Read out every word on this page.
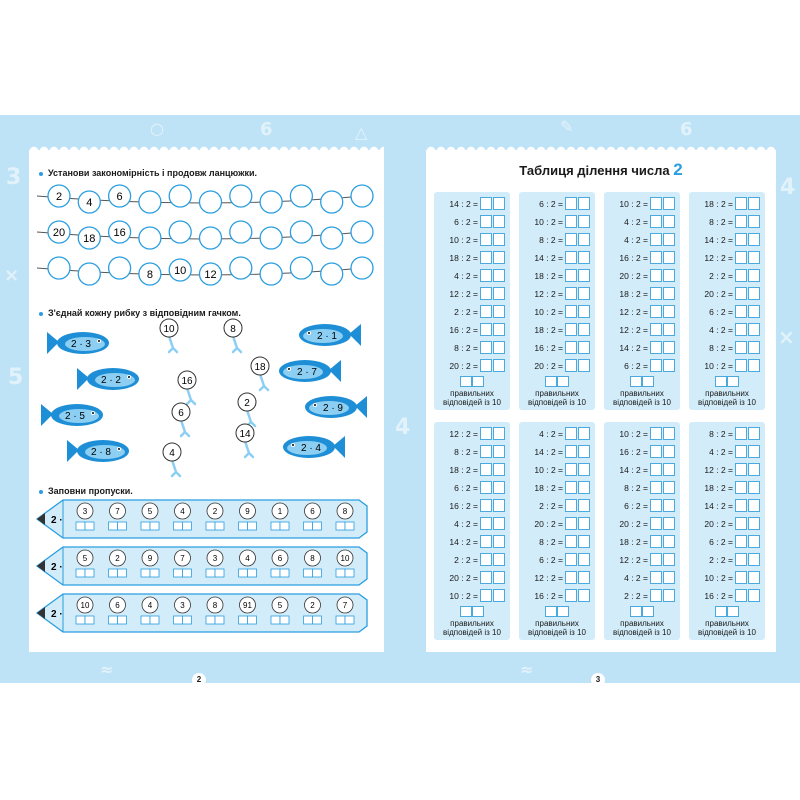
3
5
×
○	6	△
4
×
6
✎
4
≈	≈
Установи закономірність і продовж ланцюжки.
2 4 6
20 18 16
8 10 12
З'єднай кожну рибку з відповідним гачком.
2 · 3
2 · 2
2 · 5
2 · 8
2 · 1
2 · 7
2 · 9
2 · 4
10	8
18
16
6
2
14
4
Заповни пропуски.
2 ·
3	7	5	4	2	9	1	6	8
2 ·
5	2	9	7	3	4	6	8	10
2 ·
10	6	4	3	8	91	5	2	7
2
Таблиця ділення числа 2
14 : 2 =
6 : 2 =
10 : 2 =
18 : 2 =
4 : 2 =
12 : 2 =
2 : 2 =
16 : 2 =
8 : 2 =
20 : 2 =
правильних
відповідей із 10
6 : 2 =
10 : 2 =
8 : 2 =
14 : 2 =
18 : 2 =
12 : 2 =
10 : 2 =
18 : 2 =
16 : 2 =
20 : 2 =
правильних
відповідей із 10
10 : 2 =
4 : 2 =
4 : 2 =
16 : 2 =
20 : 2 =
18 : 2 =
12 : 2 =
12 : 2 =
14 : 2 =
6 : 2 =
правильних
відповідей із 10
18 : 2 =
8 : 2 =
14 : 2 =
12 : 2 =
2 : 2 =
20 : 2 =
6 : 2 =
4 : 2 =
8 : 2 =
10 : 2 =
правильних
відповідей із 10
12 : 2 =
8 : 2 =
18 : 2 =
6 : 2 =
16 : 2 =
4 : 2 =
14 : 2 =
2 : 2 =
20 : 2 =
10 : 2 =
правильних
відповідей із 10
4 : 2 =
14 : 2 =
10 : 2 =
18 : 2 =
2 : 2 =
20 : 2 =
8 : 2 =
6 : 2 =
12 : 2 =
16 : 2 =
правильних
відповідей із 10
10 : 2 =
16 : 2 =
14 : 2 =
8 : 2 =
6 : 2 =
20 : 2 =
18 : 2 =
12 : 2 =
4 : 2 =
2 : 2 =
правильних
відповідей із 10
8 : 2 =
4 : 2 =
12 : 2 =
18 : 2 =
14 : 2 =
20 : 2 =
6 : 2 =
2 : 2 =
10 : 2 =
16 : 2 =
правильних
відповідей із 10
3
